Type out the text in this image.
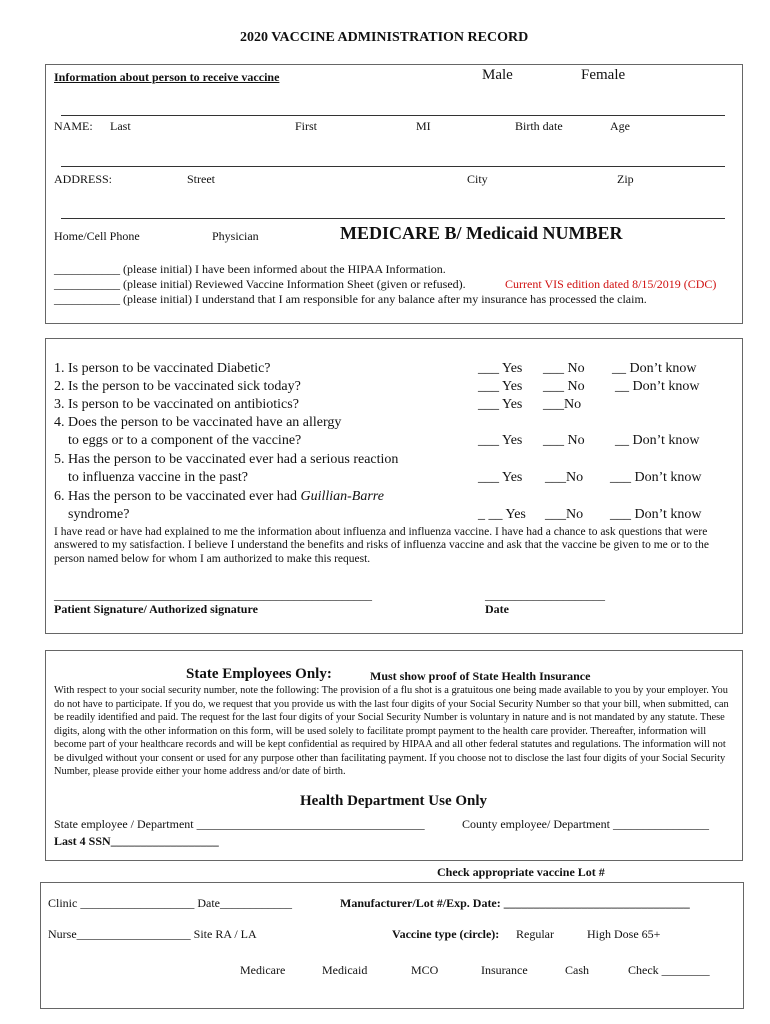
2020 VACCINE ADMINISTRATION RECORD
Information about person to receive vaccine	Male	Female
NAME: Last	First	MI	Birth date	Age
ADDRESS:	Street	City	Zip
Home/Cell Phone	Physician	MEDICARE B/ Medicaid NUMBER
___________ (please initial) I have been informed about the HIPAA Information.
___________ (please initial) Reviewed Vaccine Information Sheet (given or refused).	Current VIS edition dated 8/15/2019 (CDC)
___________ (please initial) I understand that I am responsible for any balance after my insurance has processed the claim.
1. Is person to be vaccinated Diabetic?	___ Yes ___ No __ Don’t know
2. Is the person to be vaccinated sick today?	___ Yes ___ No __ Don’t know
3. Is person to be vaccinated on antibiotics?	___ Yes ___No
4. Does the person to be vaccinated have an allergy
to eggs or to a component of the vaccine?	___ Yes ___ No __ Don’t know
5. Has the person to be vaccinated ever had a serious reaction
to influenza vaccine in the past?	___ Yes ___No ___ Don’t know
6. Has the person to be vaccinated ever had Guillian-Barre
syndrome?	_ __ Yes ___No ___ Don’t know
I have read or have had explained to me the information about influenza and influenza vaccine. I have had a chance to ask questions that were answered to my satisfaction. I believe I understand the benefits and risks of influenza vaccine and ask that the vaccine be given to me or to the person named below for whom I am authorized to make this request.
_____________________________________________________	____________________
Patient Signature/ Authorized signature	Date
State Employees Only:	Must show proof of State Health Insurance
With respect to your social security number, note the following: The provision of a flu shot is a gratuitous one being made available to you by your employer. You do not have to participate. If you do, we request that you provide us with the last four digits of your Social Security Number so that your bill, when submitted, can be readily identified and paid. The request for the last four digits of your Social Security Number is voluntary in nature and is not mandated by any statute. These digits, along with the other information on this form, will be used solely to facilitate prompt payment to the health care provider. Thereafter, information will become part of your healthcare records and will be kept confidential as required by HIPAA and all other federal statutes and regulations. The information will not be divulged without your consent or used for any purpose other than facilitating payment. If you choose not to disclose the last four digits of your Social Security Number, please provide either your home address and/or date of birth.
Health Department Use Only
State employee / Department ______________________________________	County employee/ Department ________________
Last 4 SSN__________________
Check appropriate vaccine Lot #
Clinic ___________________ Date____________	Manufacturer/Lot #/Exp. Date: _______________________________
Nurse___________________ Site RA / LA	Vaccine type (circle): Regular	High Dose 65+
Medicare	Medicaid	MCO	Insurance	Cash	Check ________
